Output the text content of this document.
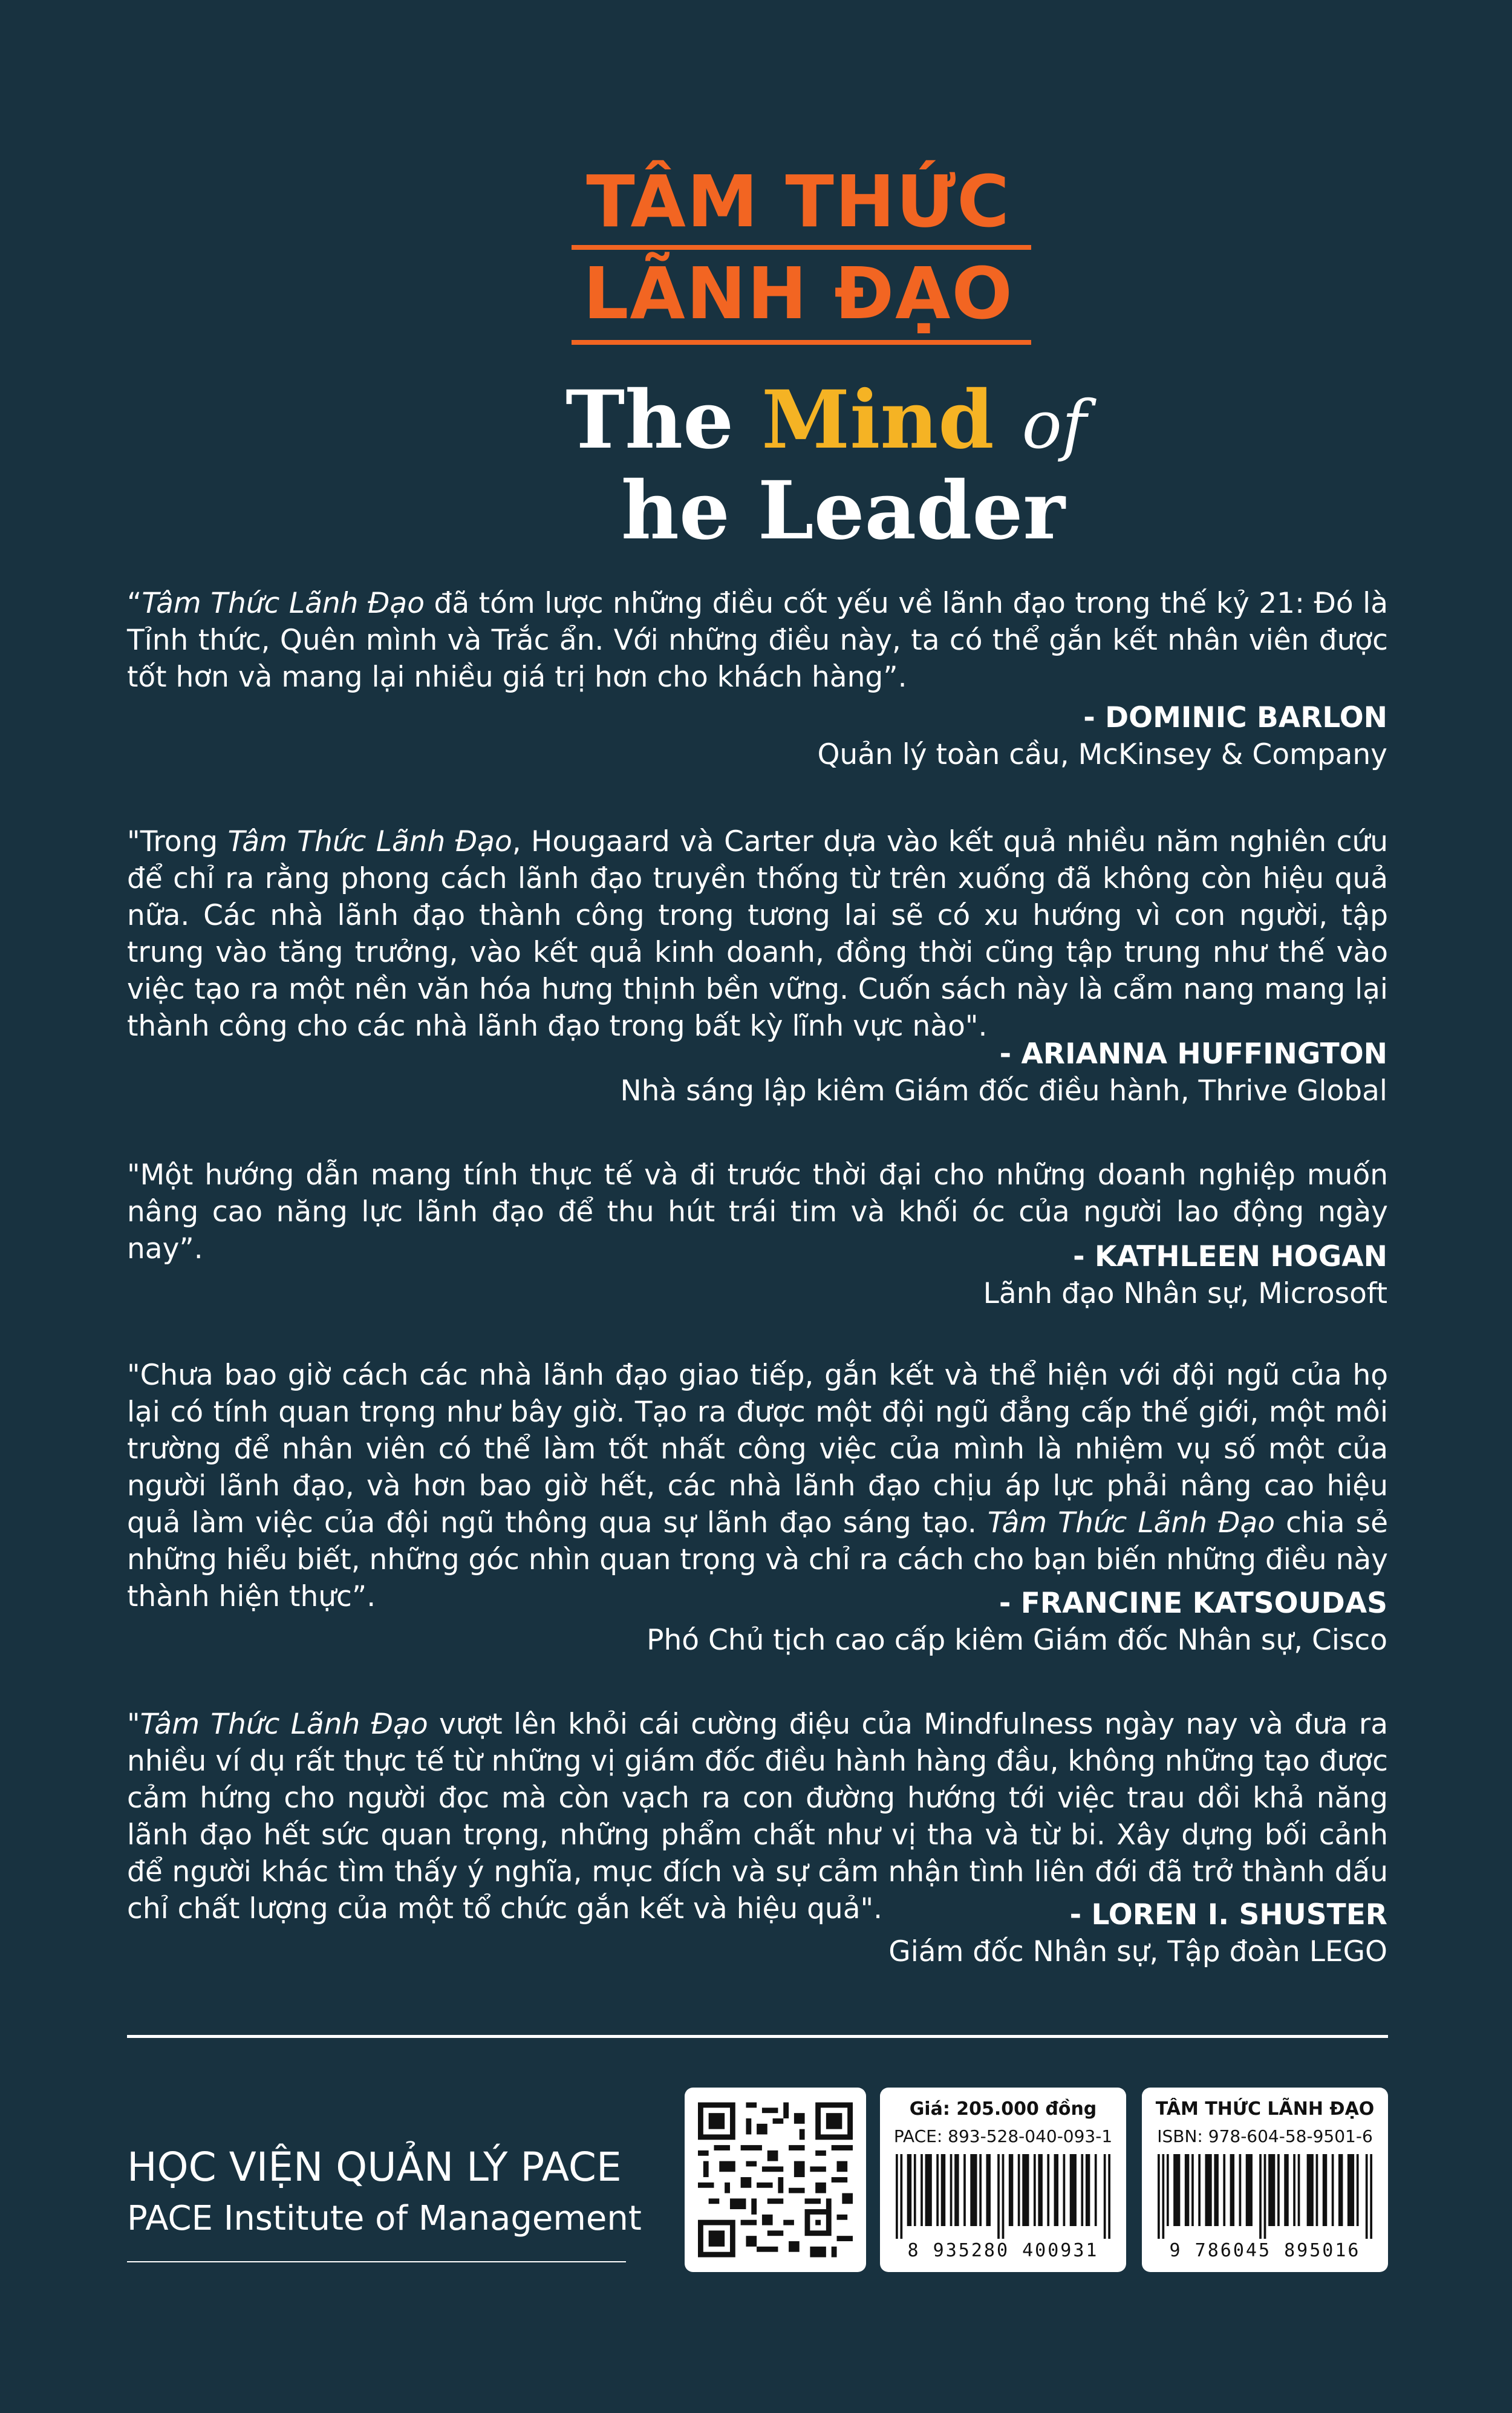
TÂM THỨC
LÃNH ĐẠO
The Mind of
he Leader
“Tâm Thức Lãnh Đạo đã tóm lược những điều cốt yếu về lãnh đạo trong thế kỷ 21: Đó là Tỉnh thức, Quên mình và Trắc ẩn. Với những điều này, ta có thể gắn kết nhân viên được tốt hơn và mang lại nhiều giá trị hơn cho khách hàng”.
- DOMINIC BARLON
Quản lý toàn cầu, McKinsey & Company
"Trong Tâm Thức Lãnh Đạo, Hougaard và Carter dựa vào kết quả nhiều năm nghiên cứu để chỉ ra rằng phong cách lãnh đạo truyền thống từ trên xuống đã không còn hiệu quả nữa. Các nhà lãnh đạo thành công trong tương lai sẽ có xu hướng vì con người, tập trung vào tăng trưởng, vào kết quả kinh doanh, đồng thời cũng tập trung như thế vào việc tạo ra một nền văn hóa hưng thịnh bền vững. Cuốn sách này là cẩm nang mang lại thành công cho các nhà lãnh đạo trong bất kỳ lĩnh vực nào".
- ARIANNA HUFFINGTON
Nhà sáng lập kiêm Giám đốc điều hành, Thrive Global
"Một hướng dẫn mang tính thực tế và đi trước thời đại cho những doanh nghiệp muốn nâng cao năng lực lãnh đạo để thu hút trái tim và khối óc của người lao động ngày nay”.	- KATHLEEN HOGAN
Lãnh đạo Nhân sự, Microsoft
"Chưa bao giờ cách các nhà lãnh đạo giao tiếp, gắn kết và thể hiện với đội ngũ của họ lại có tính quan trọng như bây giờ. Tạo ra được một đội ngũ đẳng cấp thế giới, một môi trường để nhân viên có thể làm tốt nhất công việc của mình là nhiệm vụ số một của người lãnh đạo, và hơn bao giờ hết, các nhà lãnh đạo chịu áp lực phải nâng cao hiệu quả làm việc của đội ngũ thông qua sự lãnh đạo sáng tạo. Tâm Thức Lãnh Đạo chia sẻ những hiểu biết, những góc nhìn quan trọng và chỉ ra cách cho bạn biến những điều này thành hiện thực”.	- FRANCINE KATSOUDAS
Phó Chủ tịch cao cấp kiêm Giám đốc Nhân sự, Cisco
"Tâm Thức Lãnh Đạo vượt lên khỏi cái cường điệu của Mindfulness ngày nay và đưa ra nhiều ví dụ rất thực tế từ những vị giám đốc điều hành hàng đầu, không những tạo được cảm hứng cho người đọc mà còn vạch ra con đường hướng tới việc trau dồi khả năng lãnh đạo hết sức quan trọng, những phẩm chất như vị tha và từ bi. Xây dựng bối cảnh để người khác tìm thấy ý nghĩa, mục đích và sự cảm nhận tình liên đới đã trở thành dấu chỉ chất lượng của một tổ chức gắn kết và hiệu quả".	- LOREN I. SHUSTER
Giám đốc Nhân sự, Tập đoàn LEGO
HỌC VIỆN QUẢN LÝ PACE
PACE Institute of Management
Giá: 205.000 đồng
PACE: 893-528-040-093-1
8 935280 400931
TÂM THỨC LÃNH ĐẠO
ISBN: 978-604-58-9501-6
9 786045 895016
